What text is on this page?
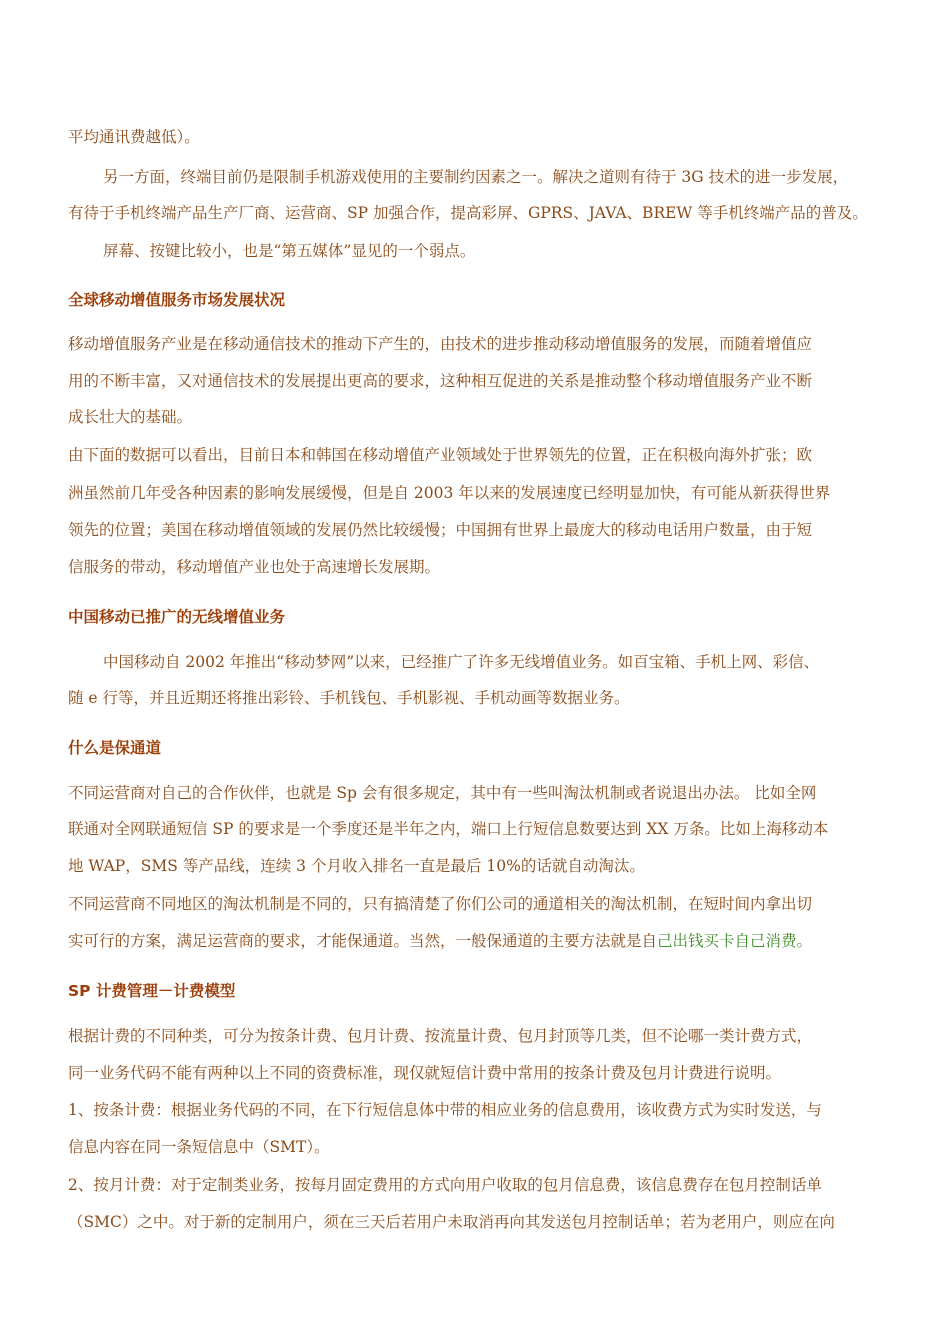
平均通讯费越低）。
另一方面，终端目前仍是限制手机游戏使用的主要制约因素之一。解决之道则有待于 3G 技术的进一步发展，
有待于手机终端产品生产厂商、运营商、SP 加强合作，提高彩屏、GPRS、JAVA、BREW 等手机终端产品的普及。
屏幕、按键比较小，也是“第五媒体”显见的一个弱点。
全球移动增值服务市场发展状况
移动增值服务产业是在移动通信技术的推动下产生的，由技术的进步推动移动增值服务的发展，而随着增值应
用的不断丰富，又对通信技术的发展提出更高的要求，这种相互促进的关系是推动整个移动增值服务产业不断
成长壮大的基础。
由下面的数据可以看出，目前日本和韩国在移动增值产业领域处于世界领先的位置，正在积极向海外扩张；欧
洲虽然前几年受各种因素的影响发展缓慢，但是自 2003 年以来的发展速度已经明显加快，有可能从新获得世界
领先的位置；美国在移动增值领域的发展仍然比较缓慢；中国拥有世界上最庞大的移动电话用户数量，由于短
信服务的带动，移动增值产业也处于高速增长发展期。
中国移动已推广的无线增值业务
中国移动自 2002 年推出“移动梦网”以来，已经推广了许多无线增值业务。如百宝箱、手机上网、彩信、
随 e 行等，并且近期还将推出彩铃、手机钱包、手机影视、手机动画等数据业务。
什么是保通道
不同运营商对自己的合作伙伴，也就是 Sp 会有很多规定，其中有一些叫淘汰机制或者说退出办法。 比如全网
联通对全网联通短信 SP 的要求是一个季度还是半年之内，端口上行短信息数要达到 XX 万条。比如上海移动本
地 WAP，SMS 等产品线，连续 3 个月收入排名一直是最后 10%的话就自动淘汰。
不同运营商不同地区的淘汰机制是不同的，只有搞清楚了你们公司的通道相关的淘汰机制，在短时间内拿出切
实可行的方案，满足运营商的要求，才能保通道。当然，一般保通道的主要方法就是自己出钱买卡自己消费。
SP 计费管理－计费模型
根据计费的不同种类，可分为按条计费、包月计费、按流量计费、包月封顶等几类，但不论哪一类计费方式，
同一业务代码不能有两种以上不同的资费标准，现仅就短信计费中常用的按条计费及包月计费进行说明。
1、按条计费：根据业务代码的不同，在下行短信息体中带的相应业务的信息费用，该收费方式为实时发送，与
信息内容在同一条短信息中（SMT）。
2、按月计费：对于定制类业务，按每月固定费用的方式向用户收取的包月信息费，该信息费存在包月控制话单
（SMC）之中。对于新的定制用户，须在三天后若用户未取消再向其发送包月控制话单；若为老用户，则应在向
